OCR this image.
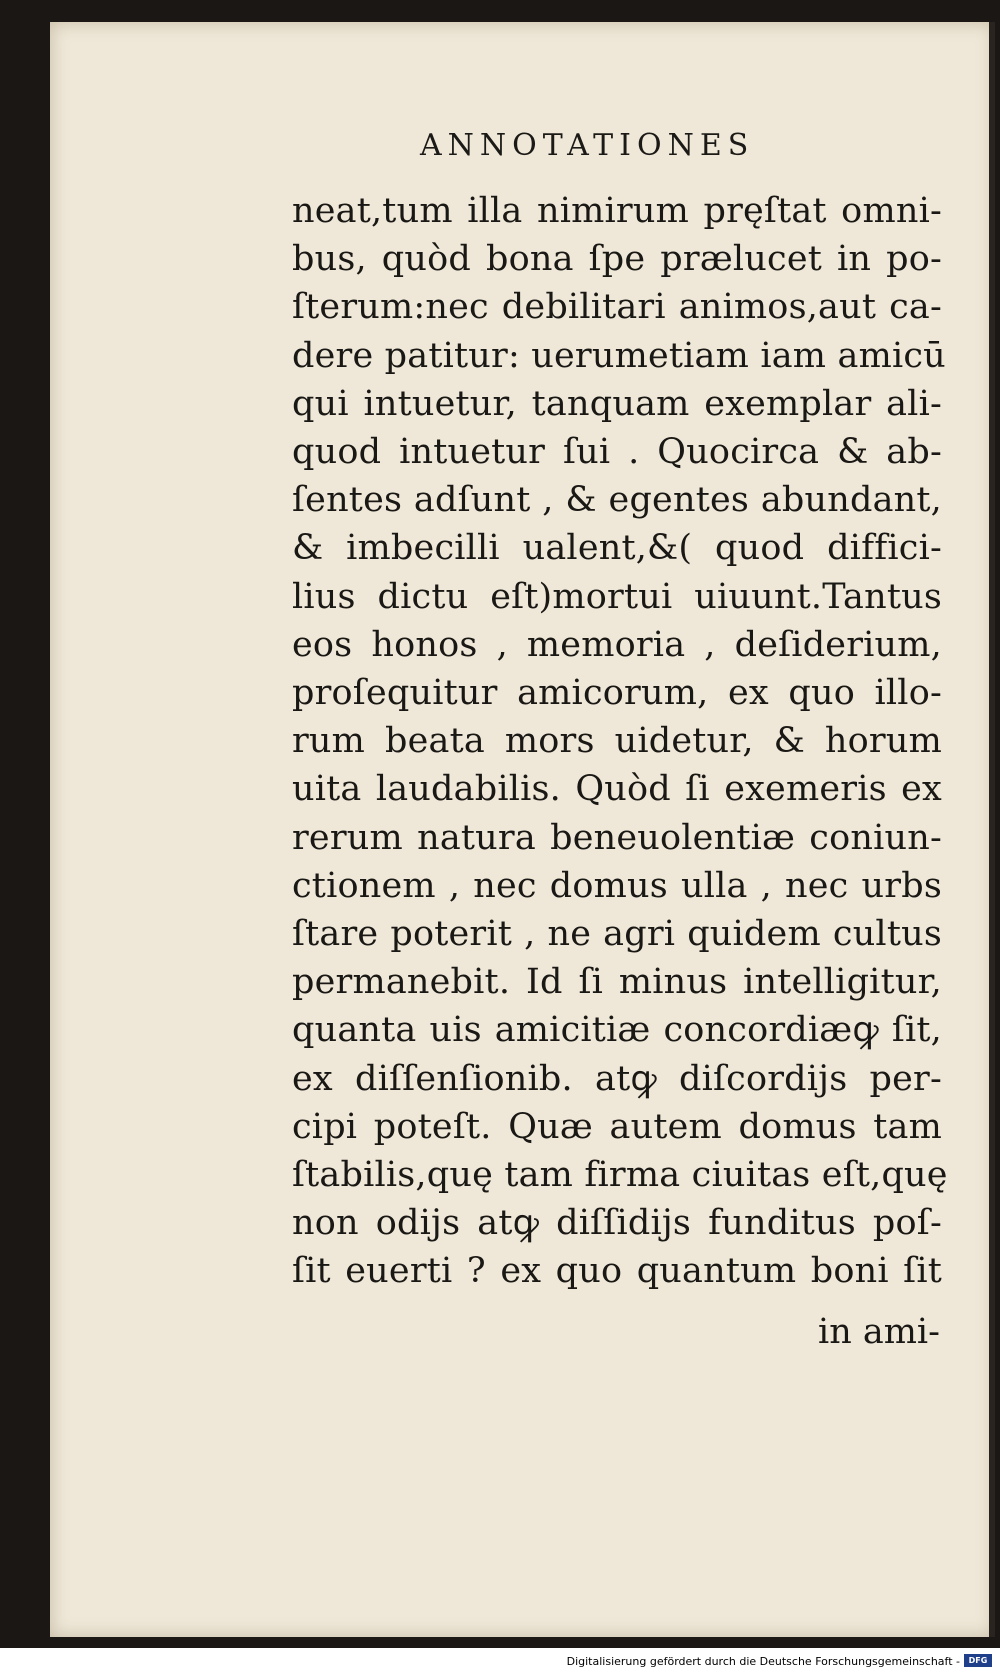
ANNOTATIONES
neat,tum illa nimirum pręſtat omni-
bus, quòd bona ſpe prælucet in po-
ſterum:nec debilitari animos,aut ca-
dere patitur: uerumetiam iam amicū
qui intuetur, tanquam exemplar ali-
quod intuetur ſui . Quocirca & ab-
ſentes adſunt , & egentes abundant,
& imbecilli ualent,&( quod diffici-
lius dictu eſt)mortui uiuunt.Tantus
eos honos , memoria , deſiderium,
proſequitur amicorum, ex quo illo-
rum beata mors uidetur, & horum
uita laudabilis. Quòd ſi exemeris ex
rerum natura beneuolentiæ coniun-
ctionem , nec domus ulla , nec urbs
ſtare poterit , ne agri quidem cultus
permanebit. Id ſi minus intelligitur,
quanta uis amicitiæ concordiæꝙ ſit,
ex diſſenſionib. atꝙ diſcordijs per-
cipi poteſt. Quæ autem domus tam
ſtabilis,quę tam firma ciuitas eſt,quę
non odijs atꝙ diſſidijs funditus poſ-
ſit euerti ? ex quo quantum boni ſit
in ami-
Digitalisierung gefördert durch die Deutsche Forschungsgemeinschaft -	DFG
